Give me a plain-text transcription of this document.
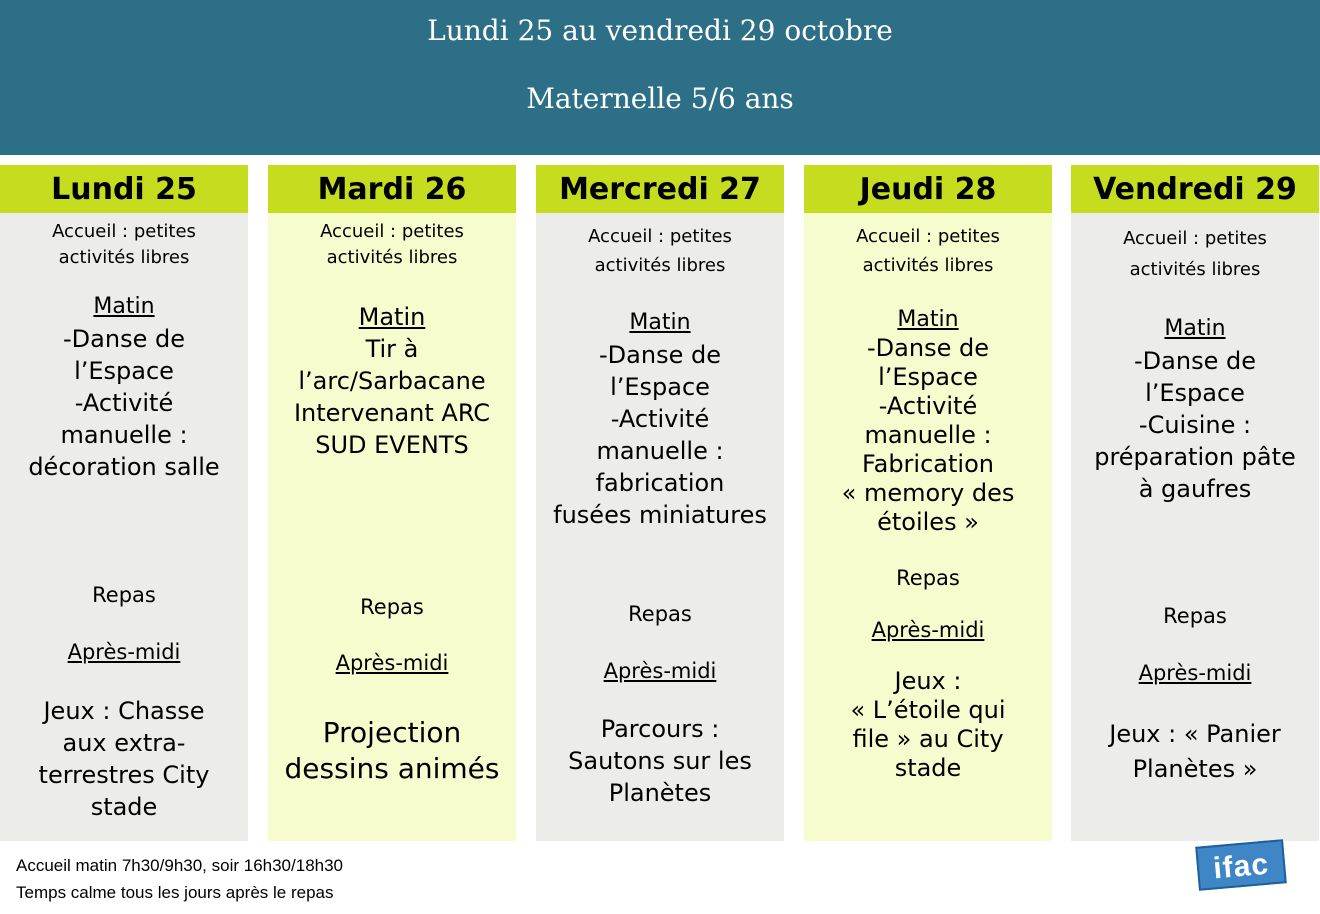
Lundi 25 au vendredi 29 octobre
Maternelle 5/6 ans
Lundi 25
Accueil : petites
activités libres
Matin
-Danse de
l’Espace
-Activité
manuelle :
décoration salle
Repas
Après-midi
Jeux : Chasse
aux extra-
terrestres City
stade
Mardi 26
Accueil : petites
activités libres
Matin
Tir à
l’arc/Sarbacane
Intervenant ARC
SUD EVENTS
Repas
Après-midi
Projection
dessins animés
Mercredi 27
Accueil : petites
activités libres
Matin
-Danse de
l’Espace
-Activité
manuelle :
fabrication
fusées miniatures
Repas
Après-midi
Parcours :
Sautons sur les
Planètes
Jeudi 28
Accueil : petites
activités libres
Matin
-Danse de
l’Espace
-Activité
manuelle :
Fabrication
« memory des
étoiles »
Repas
Après-midi
Jeux :
« L’étoile qui
file » au City
stade
Vendredi 29
Accueil : petites
activités libres
Matin
-Danse de
l’Espace
-Cuisine :
préparation pâte
à gaufres
Repas
Après-midi
Jeux : « Panier
Planètes »
Accueil matin 7h30/9h30, soir 16h30/18h30
Temps calme tous les jours après le repas
ifac
